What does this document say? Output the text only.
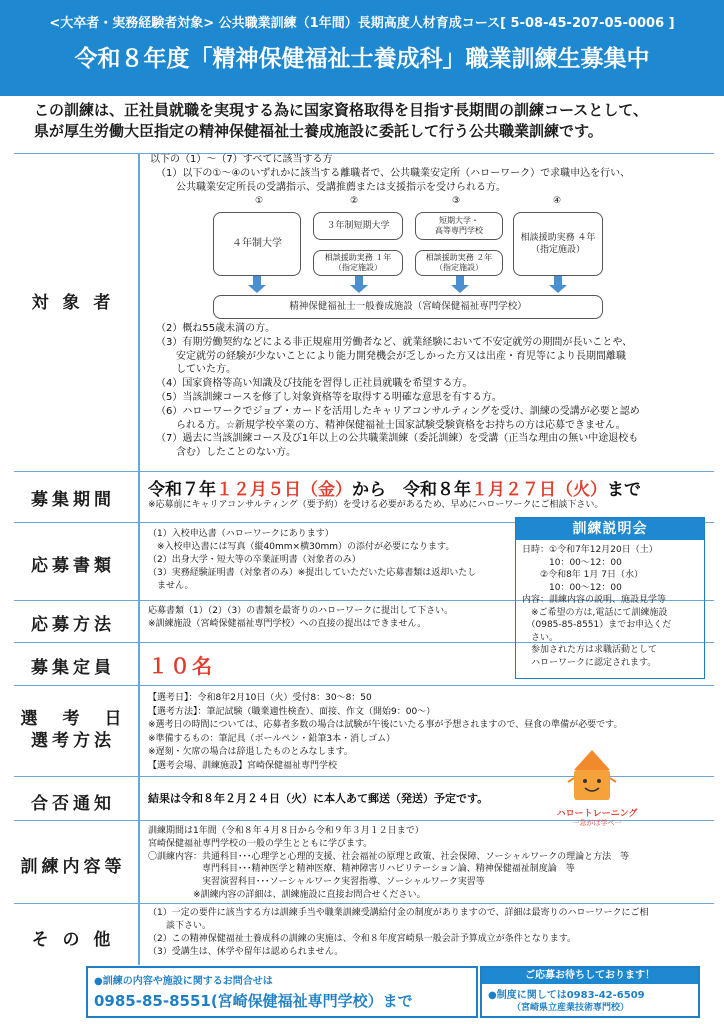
<大卒者・実務経験者対象> 公共職業訓練（1年間）長期高度人材育成コース[ 5-08-45-207-05-0006 ]
令和８年度「精神保健福祉士養成科」職業訓練生募集中
この訓練は、正社員就職を実現する為に国家資格取得を目指す長期間の訓練コースとして、
県が厚生労働大臣指定の精神保健福祉士養成施設に委託して行う公共職業訓練です。
対 象 者
以下の（1）～（7）すべてに該当する方
（1）以下の①～④のいずれかに該当する離職者で、公共職業安定所（ハローワーク）で求職申込を行い、
公共職業安定所長の受講指示、受講推薦または支援指示を受けられる方。
①	②	③	④
４年制大学
３年制短期大学
相談援助実務 １年
（指定施設）
短期大学・
高等専門学校
相談援助実務 ２年
（指定施設）
相談援助実務 ４年
（指定施設）
精神保健福祉士一般養成施設（宮崎保健福祉専門学校）
（2）概ね55歳未満の方。
（3）有期労働契約などによる非正規雇用労働者など、就業経験において不安定就労の期間が長いことや、
安定就労の経験が少ないことにより能力開発機会が乏しかった方又は出産・育児等により長期間離職
していた方。
（4）国家資格等高い知識及び技能を習得し正社員就職を希望する方。
（5）当該訓練コースを修了し対象資格等を取得する明確な意思を有する方。
（6）ハローワークでジョブ・カードを活用したキャリアコンサルティングを受け、訓練の受講が必要と認め
られる方。☆新規学校卒業の方、精神保健福祉士国家試験受験資格をお持ちの方は応募できません。
（7）過去に当該訓練コース及び1年以上の公共職業訓練（委託訓練）を受講（正当な理由の無い中途退校も
含む）したことのない方。
募集期間	令和７年１２月５日（金）から　令和８年１月２７日（火）まで
※応募前にキャリアコンサルティング（要予約）を受ける必要があるため、早めにハローワークにご相談下さい。
応募書類
（1）入校申込書（ハローワークにあります）
　※入校申込書には写真（縦40mm×横30mm）の添付が必要になります。
（2）出身大学・短大等の卒業証明書（対象者のみ）
（3）実務経験証明書（対象者のみ）※提出していただいた応募書類は返却いたし
　ません。
応募方法
応募書類（1）（2）（3）の書類を最寄りのハローワークに提出して下さい。
※訓練施設（宮崎保健福祉専門学校）への直接の提出はできません。
募集定員	１０名
訓練説明会
日時：①令和7年12月20日（土）
　　　10：00～12：00
　　②令和8年 1月 7日（水）
　　　10：00～12：00
内容：訓練内容の説明、施設見学等
　※ご希望の方は,電話にて訓練施設
　（0985-85-8551）までお申込くだ
　さい。
　参加された方は求職活動として
　ハローワークに認定されます。
選　考　日
選考方法
【選考日】：令和8年2月10日（火）受付8：30～8：50
【選考方法】：筆記試験（職業適性検査）、面接、作文（開始9：00～）
※選考日の時間については、応募者多数の場合は試験が午後にいたる事が予想されますので、昼食の準備が必要です。
※準備するもの：筆記具（ボールペン・鉛筆3本・消しゴム）
※遅刻・欠席の場合は辞退したものとみなします。
【選考会場、訓練施設】宮崎保健福祉専門学校
ハロートレーニング
一急がば学べ一
合否通知	結果は令和８年２月２４日（火）に本人あて郵送（発送）予定です。
訓練内容等
訓練期間は1年間（令和８年４月８日から令和９年３月１２日まで）
宮崎保健福祉専門学校の一般の学生とともに学びます。
〇訓練内容：共通科目･･･心理学と心理的支援、社会福祉の原理と政策、社会保障、ソーシャルワークの理論と方法　等
　　　　　　専門科目･･･精神医学と精神医療、精神障害リハビリテーション論、精神保健福祉制度論　等
　　　　　　実習演習科目･･･ソーシャルワーク実習指導、ソーシャルワーク実習等
　　　　　※訓練内容の詳細は、訓練施設に直接お問合せください。
そ の 他
（1）一定の要件に該当する方は訓練手当や職業訓練受講給付金の制度がありますので、詳細は最寄りのハローワークにご相
　　談下さい。
（2）この精神保健福祉士養成科の訓練の実施は、令和８年度宮崎県一般会計予算成立が条件となります。
（3）受講生は、休学や留年は認められません。
●訓練の内容や施設に関するお問合せは
0985-85-8551(宮崎保健福祉専門学校）まで
ご応募お待ちしております！
●制度に関しては0983-42-6509
（宮崎県立産業技術専門校）
